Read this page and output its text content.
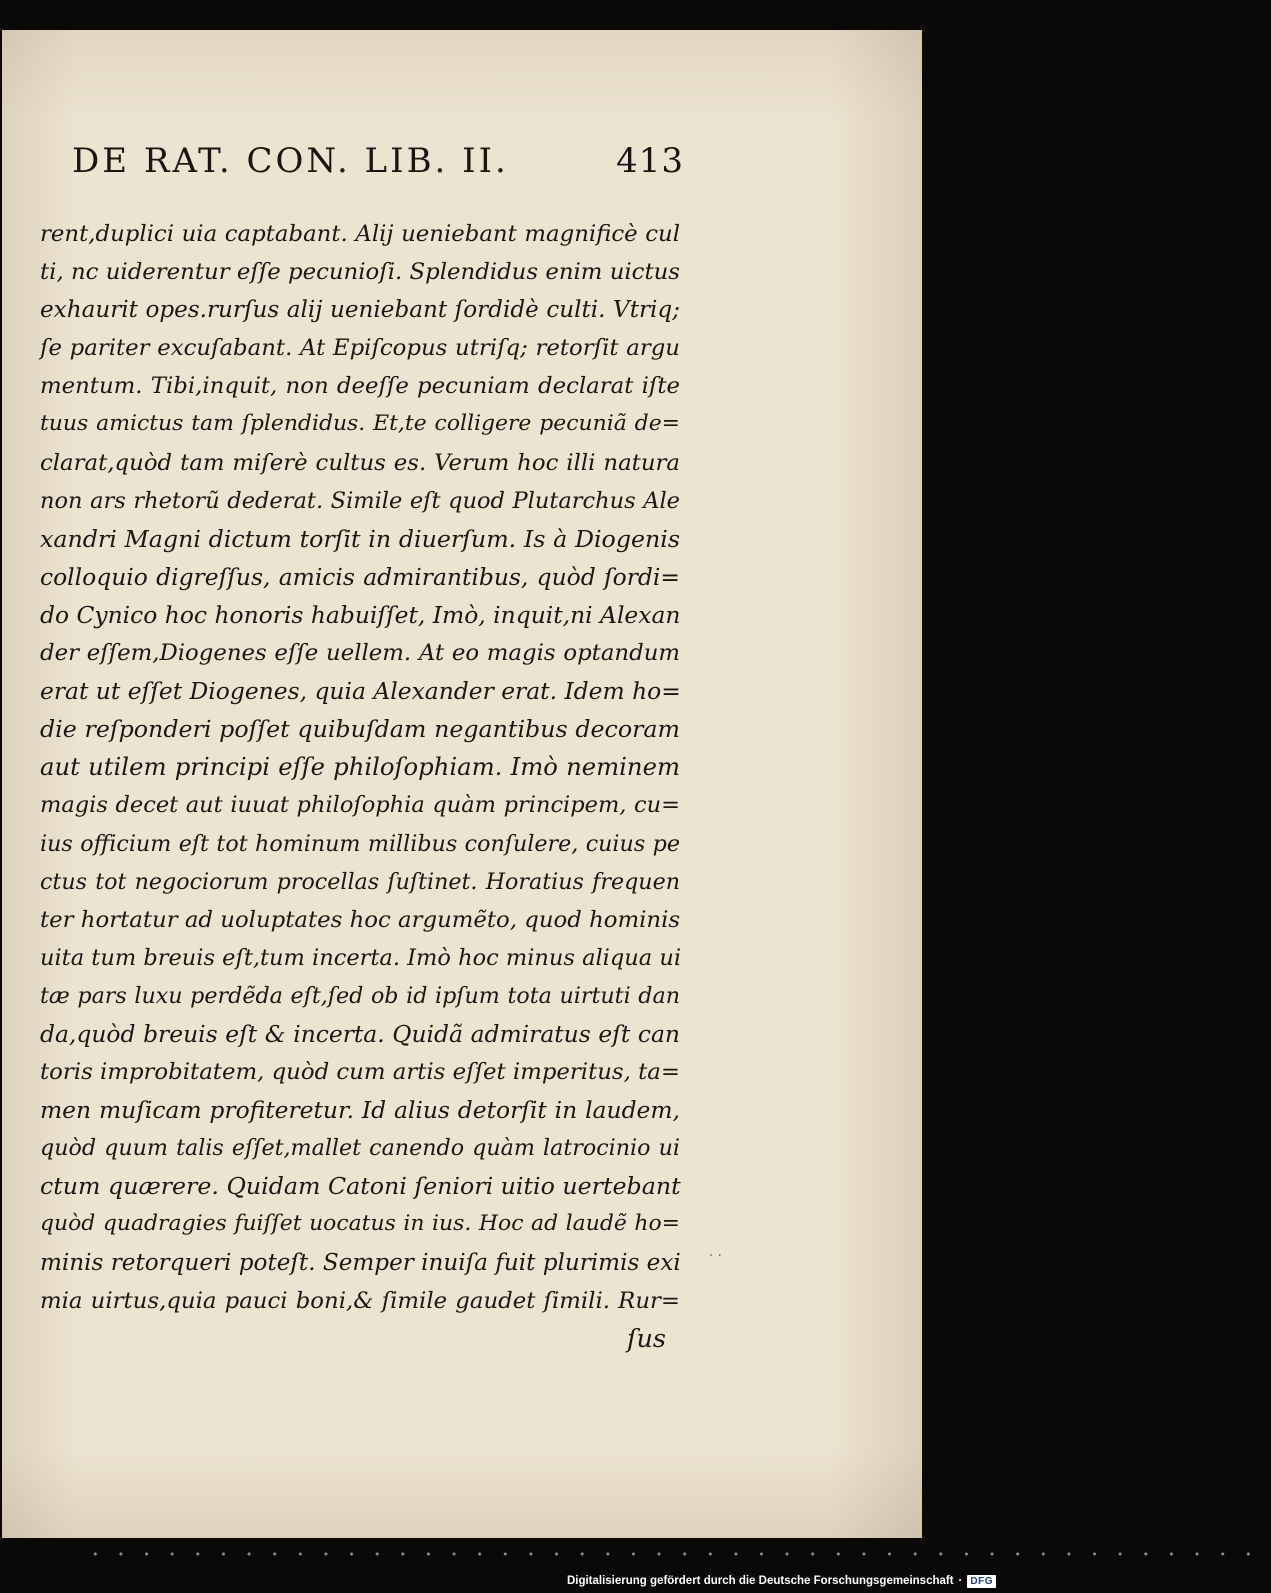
DE RAT. CON. LIB. II.	413
rent,duplici uia captabant. Alij ueniebant magnificè cul
ti, nc uiderentur eſſe pecunioſi. Splendidus enim uictus
exhaurit opes.rurſus alij ueniebant ſordidè culti. Vtriq;
ſe pariter excuſabant. At Epiſcopus utriſq; retorſit argu
mentum. Tibi,inquit, non deeſſe pecuniam declarat iſte
tuus amictus tam ſplendidus. Et,te colligere pecuniã de=
clarat,quòd tam miſerè cultus es. Verum hoc illi natura
non ars rhetorũ dederat. Simile eſt quod Plutarchus Ale
xandri Magni dictum torſit in diuerſum. Is à Diogenis
colloquio digreſſus, amicis admirantibus, quòd ſordi=
do Cynico hoc honoris habuiſſet, Imò, inquit,ni Alexan
der eſſem,Diogenes eſſe uellem. At eo magis optandum
erat ut eſſet Diogenes, quia Alexander erat. Idem ho=
die reſponderi poſſet quibuſdam negantibus decoram
aut utilem principi eſſe philoſophiam. Imò neminem
magis decet aut iuuat philoſophia quàm principem, cu=
ius officium eſt tot hominum millibus conſulere, cuius pe
ctus tot negociorum procellas ſuſtinet. Horatius frequen
ter hortatur ad uoluptates hoc argumẽto, quod hominis
uita tum breuis eſt,tum incerta. Imò hoc minus aliqua ui
tæ pars luxu perdẽda eſt,ſed ob id ipſum tota uirtuti dan
da,quòd breuis eſt & incerta. Quidã admiratus eſt can
toris improbitatem, quòd cum artis eſſet imperitus, ta=
men muſicam profiteretur. Id alius detorſit in laudem,
quòd quum talis eſſet,mallet canendo quàm latrocinio ui
ctum quærere. Quidam Catoni ſeniori uitio uertebant
quòd quadragies fuiſſet uocatus in ius. Hoc ad laudẽ ho=
minis retorqueri poteſt. Semper inuiſa fuit plurimis exi
mia uirtus,quia pauci boni,& ſimile gaudet ſimili. Rur=
ſus
· ·
••••••••••••••••••••••••••••••••••••••••••••••
Digitalisierung gefördert durch die Deutsche Forschungsgemeinschaft · DFG
